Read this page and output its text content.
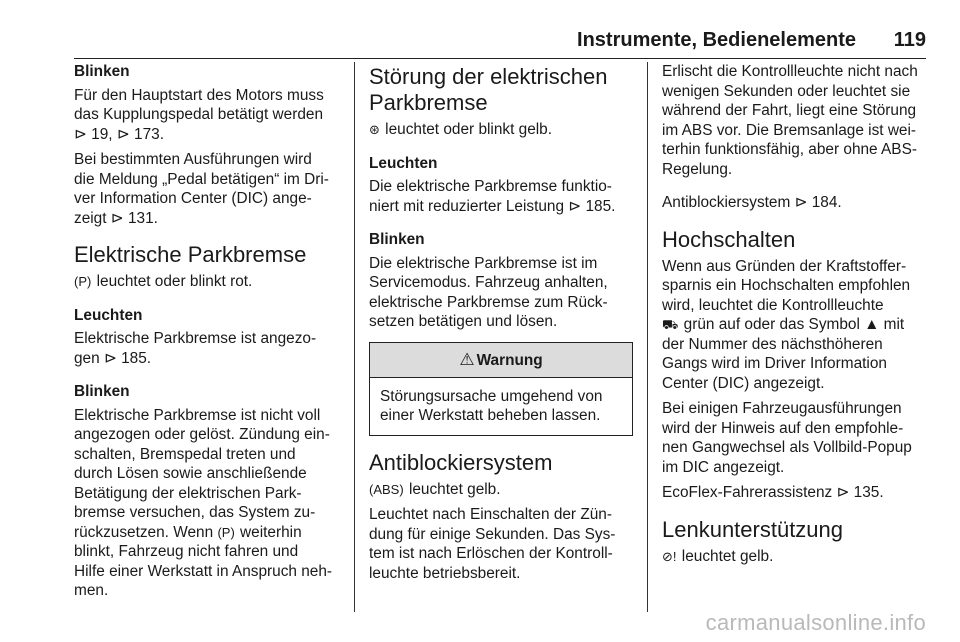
Instrumente, Bedienelemente 119

Blinken

Für den Hauptstart des Motors muss
das Kupplungspedal betätigt werden
⊳ 19, ⊳ 173.

Bei bestimmten Ausführungen wird
die Meldung „Pedal betätigen“ im Dri-
ver Information Center (DIC) ange-
zeigt ⊳ 131.

Elektrische Parkbremse

(P) leuchtet oder blinkt rot.

Leuchten

Elektrische Parkbremse ist angezo-
gen ⊳ 185.

Blinken

Elektrische Parkbremse ist nicht voll
angezogen oder gelöst. Zündung ein-
schalten, Bremspedal treten und
durch Lösen sowie anschließende
Betätigung der elektrischen Park-
bremse versuchen, das System zu-
rückzusetzen. Wenn (P) weiterhin
blinkt, Fahrzeug nicht fahren und
Hilfe einer Werkstatt in Anspruch neh-
men.

Störung der elektrischen
Parkbremse

⊛ leuchtet oder blinkt gelb.

Leuchten

Die elektrische Parkbremse funktio-
niert mit reduzierter Leistung ⊳ 185.

Blinken

Die elektrische Parkbremse ist im
Servicemodus. Fahrzeug anhalten,
elektrische Parkbremse zum Rück-
setzen betätigen und lösen.

⚠ Warnung
Störungsursache umgehend von
einer Werkstatt beheben lassen.
Antiblockiersystem

(ABS) leuchtet gelb.

Leuchtet nach Einschalten der Zün-
dung für einige Sekunden. Das Sys-
tem ist nach Erlöschen der Kontroll-
leuchte betriebsbereit.

Erlischt die Kontrollleuchte nicht nach
wenigen Sekunden oder leuchtet sie
während der Fahrt, liegt eine Störung
im ABS vor. Die Bremsanlage ist wei-
terhin funktionsfähig, aber ohne ABS-
Regelung.

Antiblockiersystem ⊳ 184.

Hochschalten

Wenn aus Gründen der Kraftstoffer-
sparnis ein Hochschalten empfohlen
wird, leuchtet die Kontrollleuchte
⛟ grün auf oder das Symbol ▲ mit
der Nummer des nächsthöheren
Gangs wird im Driver Information
Center (DIC) angezeigt.

Bei einigen Fahrzeugausführungen
wird der Hinweis auf den empfohle-
nen Gangwechsel als Vollbild-Popup
im DIC angezeigt.

EcoFlex-Fahrerassistenz ⊳ 135.

Lenkunterstützung

⊘! leuchtet gelb.

carmanualsonline.info
